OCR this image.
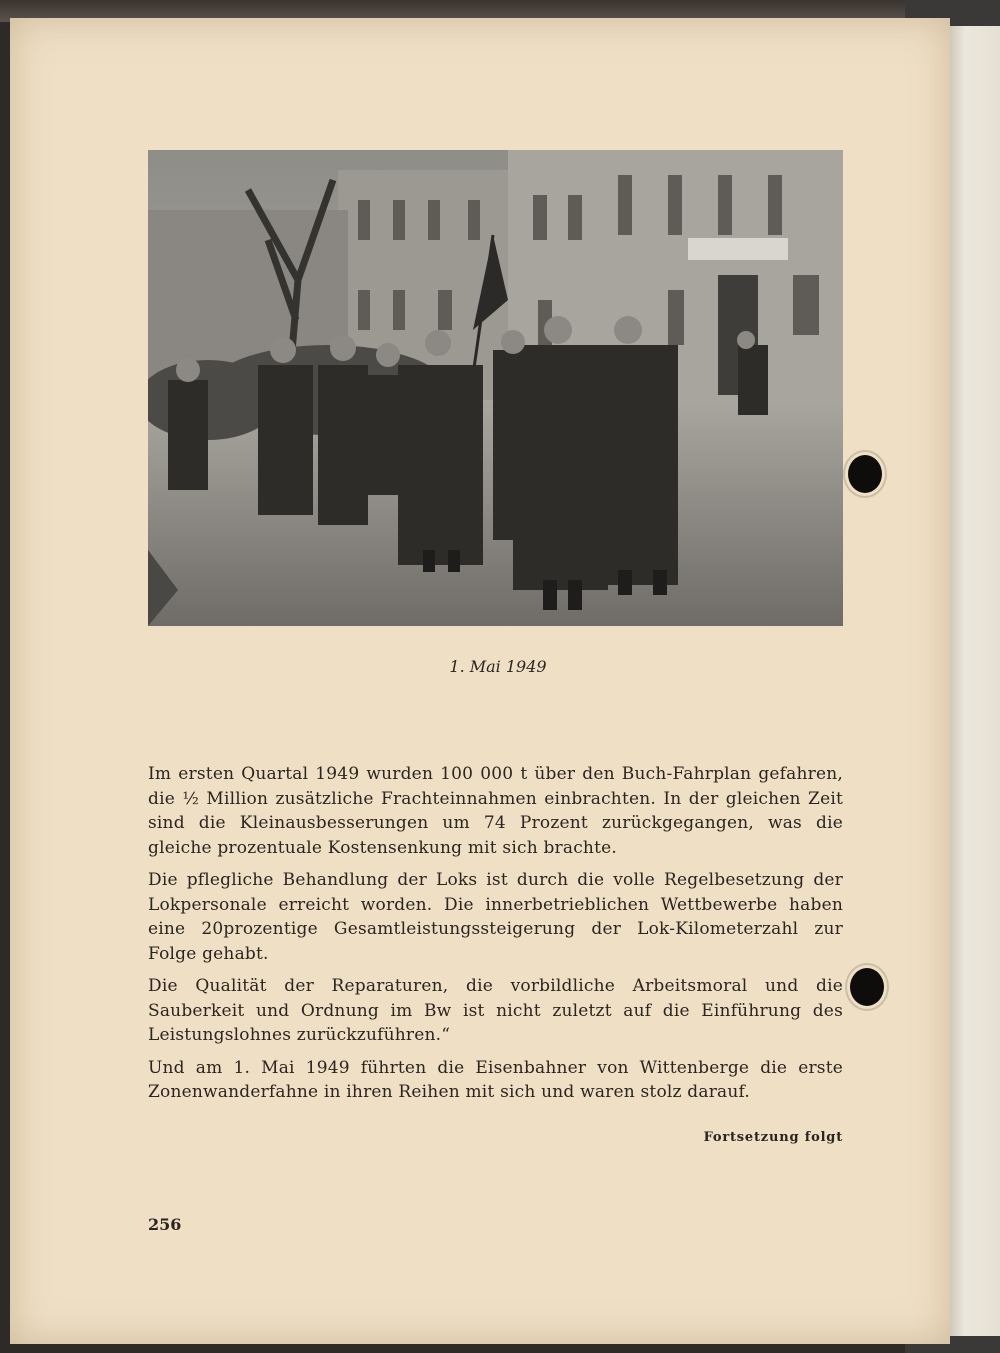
1. Mai 1949

Im ersten Quartal 1949 wurden 100 000 t über den Buch-Fahrplan gefahren, die ½ Million zusätzliche Frachteinnahmen einbrachten. In der gleichen Zeit sind die Kleinausbesserungen um 74 Prozent zurückgegangen, was die gleiche prozentuale Kostensenkung mit sich brachte.

Die pflegliche Behandlung der Loks ist durch die volle Regelbesetzung der Lokpersonale erreicht worden. Die innerbetrieblichen Wettbewerbe haben eine 20prozentige Gesamtleistungssteigerung der Lok-Kilometerzahl zur Folge gehabt.

Die Qualität der Reparaturen, die vorbildliche Arbeitsmoral und die Sauberkeit und Ordnung im Bw ist nicht zuletzt auf die Einführung des Leistungslohnes zurückzuführen.“

Und am 1. Mai 1949 führten die Eisenbahner von Wittenberge die erste Zonenwanderfahne in ihren Reihen mit sich und waren stolz darauf.

Fortsetzung folgt
256
